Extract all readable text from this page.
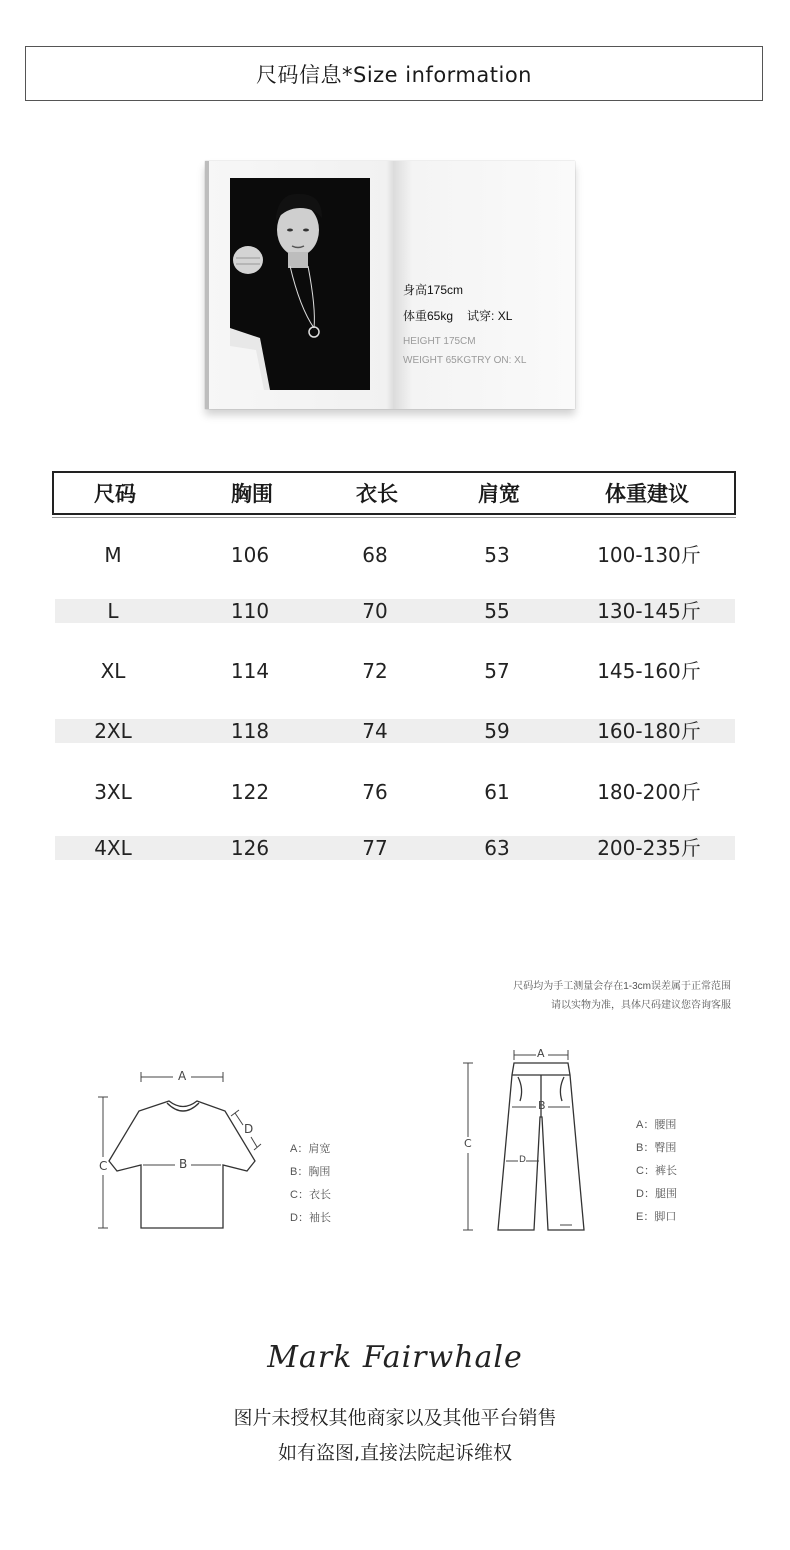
尺码信息*Size information
身高175cm
体重65kg 试穿: XL
HEIGHT 175CM
WEIGHT 65KGTRY ON: XL
尺码	胸围	衣长	肩宽	体重建议
M	106	68	53	100-130斤
L	110	70	55	130-145斤
XL	114	72	57	145-160斤
2XL	118	74	59	160-180斤
3XL	122	76	61	180-200斤
4XL	126	77	63	200-235斤
尺码均为手工测量会存在1-3cm误差属于正常范围
请以实物为准，具体尺码建议您咨询客服
A
B
C
D
A：肩宽
B：胸围
C：衣长
D：袖长
A
B
C
D
A：腰围
B：臀围
C：裤长
D：腿围
E：脚口
Mark Fairwhale
图片未授权其他商家以及其他平台销售
如有盗图,直接法院起诉维权
